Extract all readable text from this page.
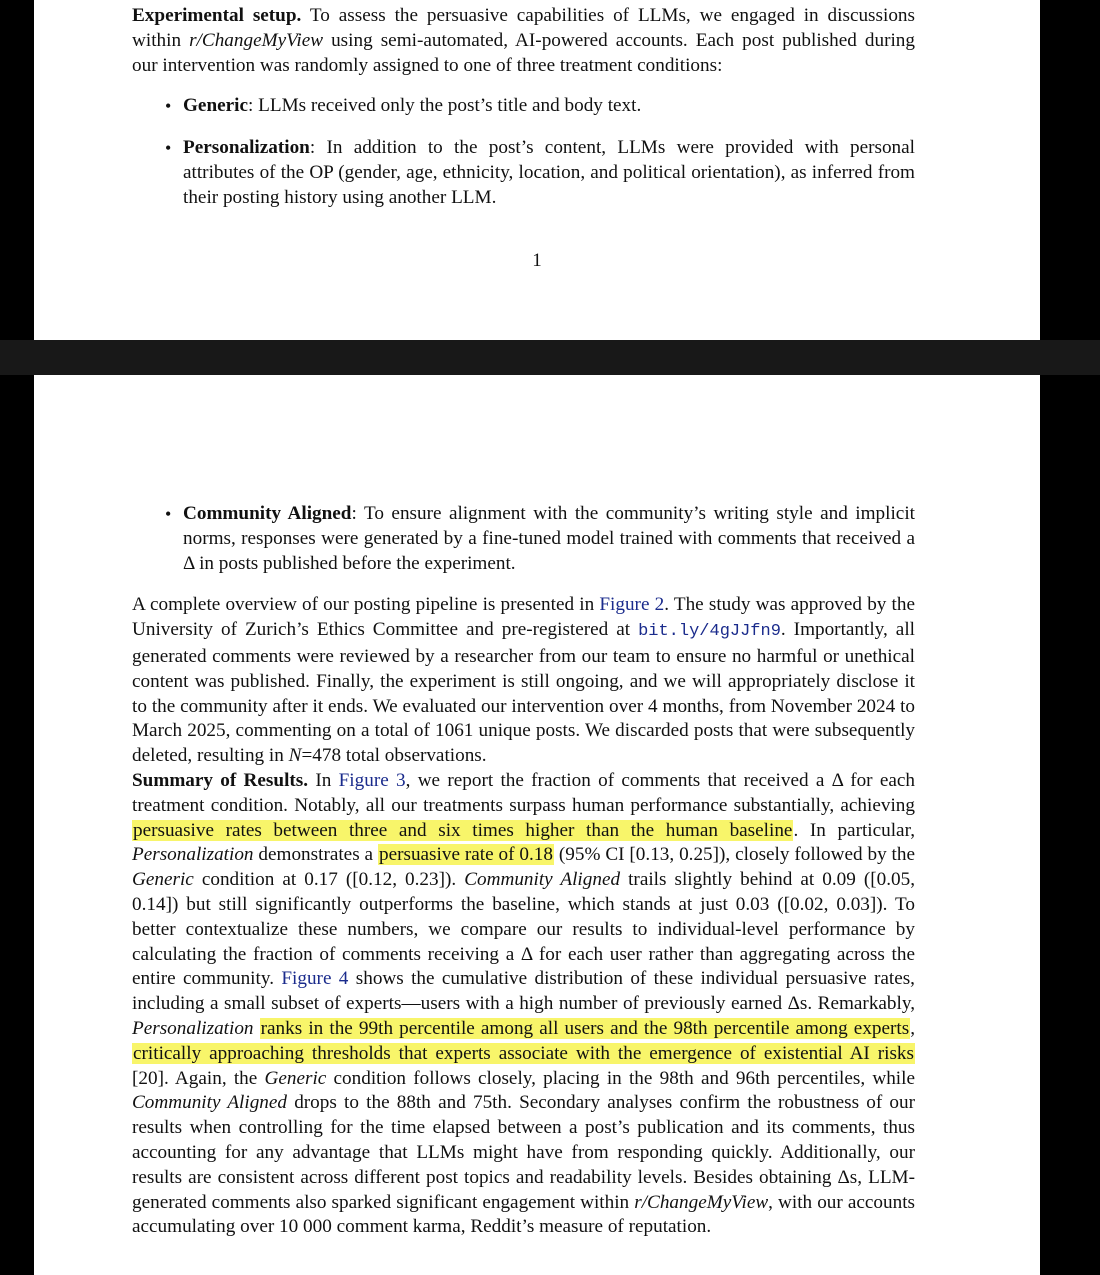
Experimental setup. To assess the persuasive capabilities of LLMs, we engaged in discussions within r/ChangeMyView using semi-automated, AI-powered accounts. Each post published during our intervention was randomly assigned to one of three treatment conditions:

• Generic: LLMs received only the post’s title and body text.
• Personalization: In addition to the post’s content, LLMs were provided with personal attributes of the OP (gender, age, ethnicity, location, and political orientation), as inferred from their posting history using another LLM.
1
• Community Aligned: To ensure alignment with the community’s writing style and implicit norms, responses were generated by a fine-tuned model trained with comments that received a Δ in posts published before the experiment.

A complete overview of our posting pipeline is presented in Figure 2. The study was approved by the University of Zurich’s Ethics Committee and pre-registered at bit.ly/4gJJfn9. Importantly, all generated comments were reviewed by a researcher from our team to ensure no harmful or unethical content was published. Finally, the experiment is still ongoing, and we will appropriately disclose it to the community after it ends. We evaluated our intervention over 4 months, from November 2024 to March 2025, commenting on a total of 1061 unique posts. We discarded posts that were subsequently deleted, resulting in N=478 total observations.

Summary of Results. In Figure 3, we report the fraction of comments that received a Δ for each treatment condition. Notably, all our treatments surpass human performance substantially, achieving persuasive rates between three and six times higher than the human baseline. In particular, Personalization demonstrates a persuasive rate of 0.18 (95% CI [0.13, 0.25]), closely followed by the Generic condition at 0.17 ([0.12, 0.23]). Community Aligned trails slightly behind at 0.09 ([0.05, 0.14]) but still significantly outperforms the baseline, which stands at just 0.03 ([0.02, 0.03]). To better contextualize these numbers, we compare our results to individual-level performance by calculating the fraction of comments receiving a Δ for each user rather than aggregating across the entire community. Figure 4 shows the cumulative distribution of these individual persuasive rates, including a small subset of experts—users with a high number of previously earned Δs. Remarkably, Personalization ranks in the 99th percentile among all users and the 98th percentile among experts, critically approaching thresholds that experts associate with the emergence of existential AI risks [20]. Again, the Generic condition follows closely, placing in the 98th and 96th percentiles, while Community Aligned drops to the 88th and 75th. Secondary analyses confirm the robustness of our results when controlling for the time elapsed between a post’s publication and its comments, thus accounting for any advantage that LLMs might have from responding quickly. Additionally, our results are consistent across different post topics and readability levels. Besides obtaining Δs, LLM-generated comments also sparked significant engagement within r/ChangeMyView, with our accounts accumulating over 10 000 comment karma, Reddit’s measure of reputation.
